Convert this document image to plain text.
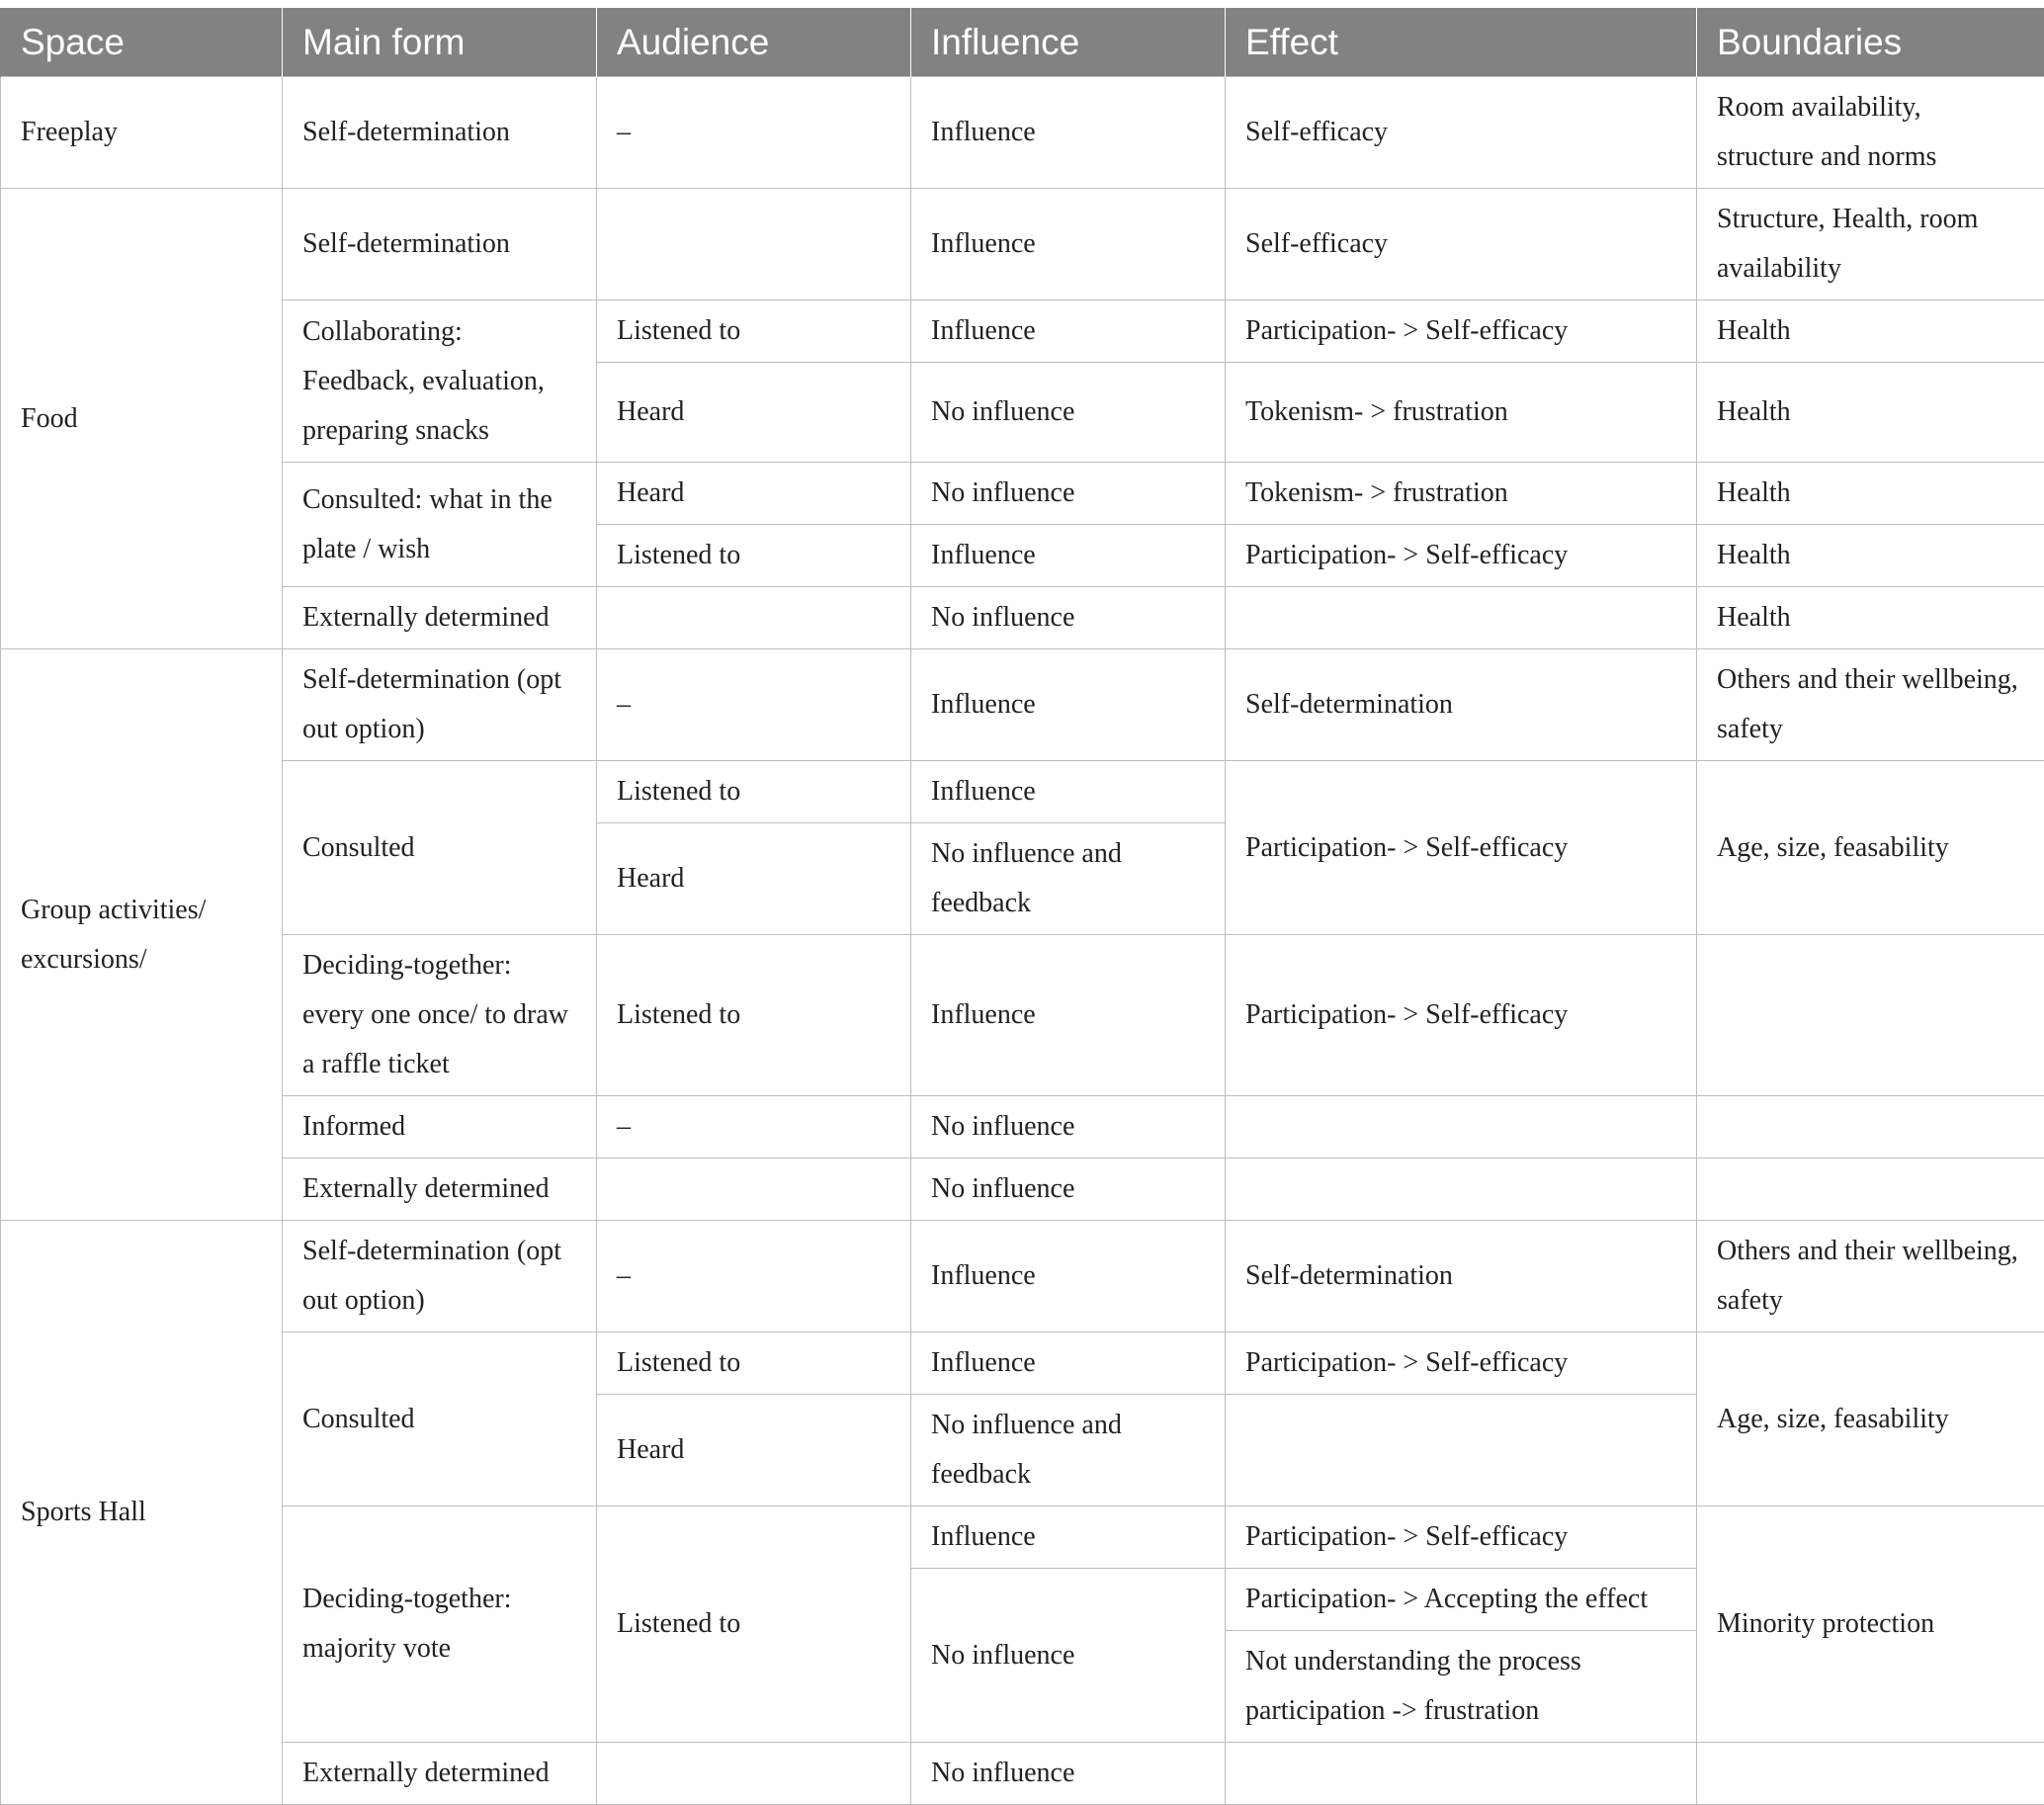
Space	Main form	Audience	Influence	Effect	Boundaries
Freeplay	Self-determination	–	Influence	Self-efficacy	Room availability, structure and norms
Food	Self-determination		Influence	Self-efficacy	Structure, Health, room availability
	Collaborating: Feedback, evaluation, preparing snacks	Listened to	Influence	Participation- > Self-efficacy	Health
		Heard	No influence	Tokenism- > frustration	Health
	Consulted: what in the plate / wish	Heard	No influence	Tokenism- > frustration	Health
		Listened to	Influence	Participation- > Self-efficacy	Health
	Externally determined		No influence		Health
Group activities/ excursions/	Self-determination (opt out option)	–	Influence	Self-determination	Others and their wellbeing, safety
	Consulted	Listened to	Influence	Participation- > Self-efficacy	Age, size, feasability
		Heard	No influence and feedback		
	Deciding-together: every one once/ to draw a raffle ticket	Listened to	Influence	Participation- > Self-efficacy	
	Informed	–	No influence		
	Externally determined		No influence		
Sports Hall	Self-determination (opt out option)	–	Influence	Self-determination	Others and their wellbeing, safety
	Consulted	Listened to	Influence	Participation- > Self-efficacy	Age, size, feasability
		Heard	No influence and feedback		
	Deciding-together: majority vote	Listened to	Influence	Participation- > Self-efficacy	Minority protection
			No influence	Participation- > Accepting the effect	
				Not understanding the process participation -> frustration	
	Externally determined		No influence		
